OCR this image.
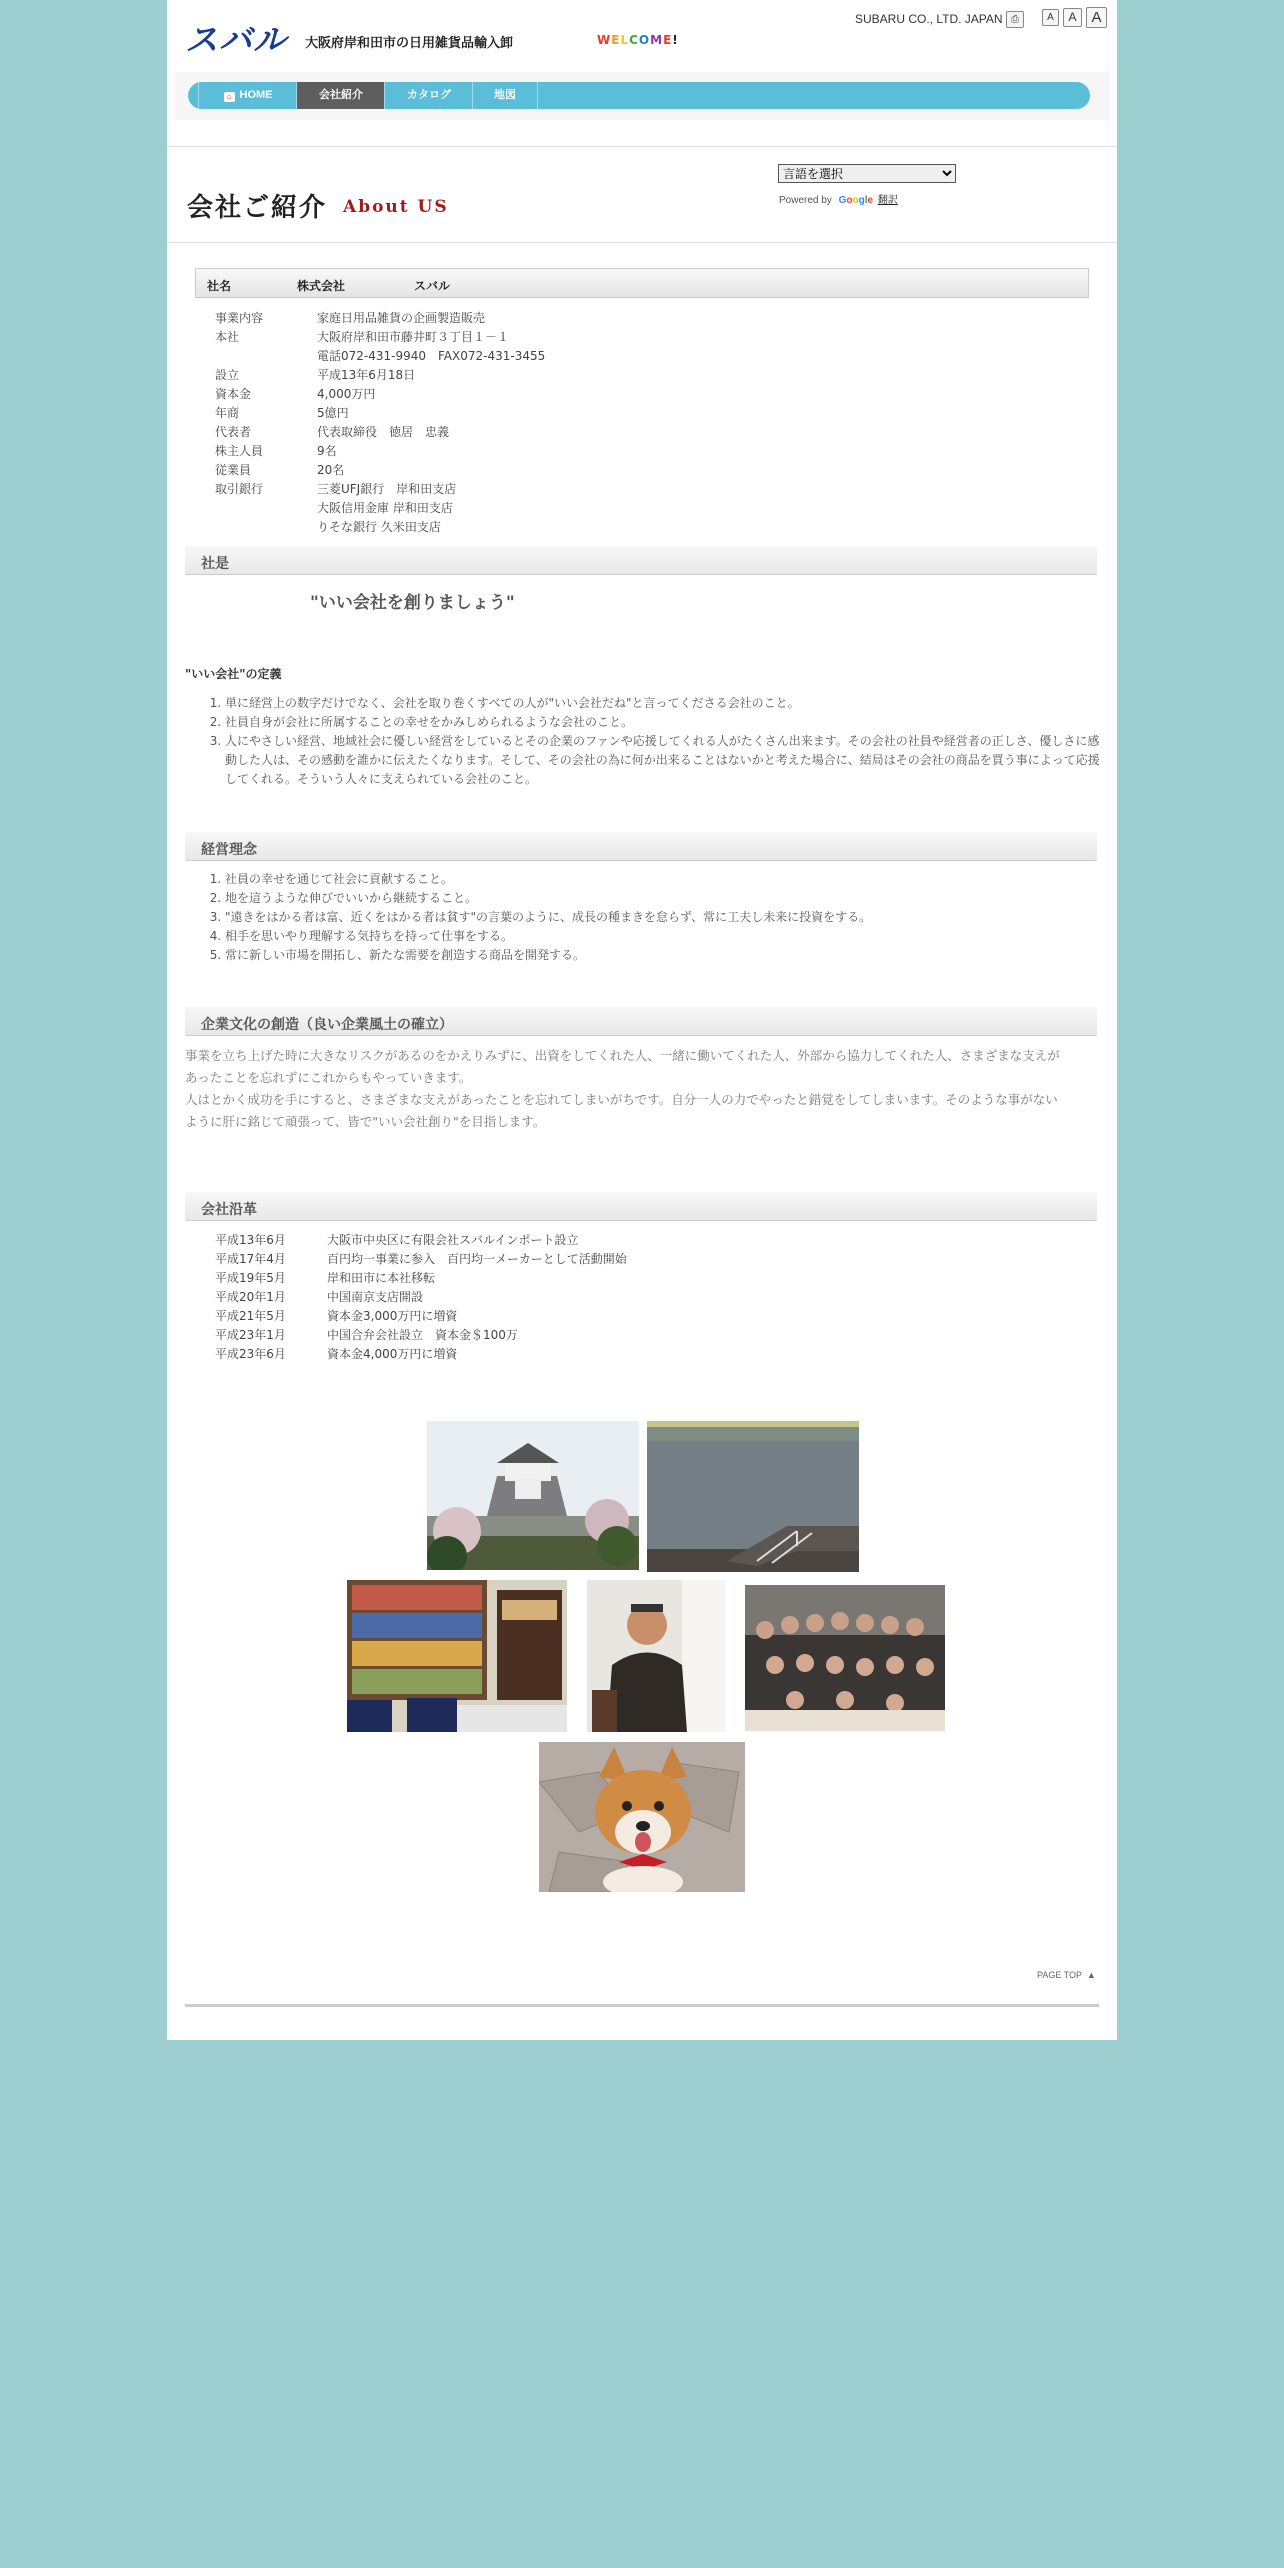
スバル 大阪府岸和田市の日用雑貨品輸入卸	WELCOME!
SUBARU CO., LTD. JAPAN ⎙	A	A A
⌂ HOME	会社紹介	カタログ	地図
会社ご紹介 About US
言語を選択	Powered by Google 翻訳
社名	株式会社	スバル
事業内容	家庭日用品雑貨の企画製造販売
本社	大阪府岸和田市藤井町３丁目１－１
電話072-431-9940　FAX072-431-3455
設立	平成13年6月18日
資本金	4,000万円
年商	5億円
代表者	代表取締役　徳居　忠義
株主人員	9名
従業員	20名
取引銀行	三菱UFJ銀行　岸和田支店
大阪信用金庫 岸和田支店
りそな銀行 久米田支店
社是
"いい会社を創りましょう"
"いい会社"の定義
1. 単に経営上の数字だけでなく、会社を取り巻くすべての人が"いい会社だね"と言ってくださる会社のこと。
2. 社員自身が会社に所属することの幸せをかみしめられるような会社のこと。
3. 人にやさしい経営、地域社会に優しい経営をしているとその企業のファンや応援してくれる人がたくさん出来ます。その会社の社員や経営者の正しさ、優しさに感動した人は、その感動を誰かに伝えたくなります。そして、その会社の為に何か出来ることはないかと考えた場合に、結局はその会社の商品を買う事によって応援してくれる。そういう人々に支えられている会社のこと。
経営理念
1. 社員の幸せを通じて社会に貢献すること。
2. 地を這うような伸びでいいから継続すること。
3. "遠きをはかる者は富、近くをはかる者は貧す"の言葉のように、成長の種まきを怠らず、常に工夫し未来に投資をする。
4. 相手を思いやり理解する気持ちを持って仕事をする。
5. 常に新しい市場を開拓し、新たな需要を創造する商品を開発する。
企業文化の創造（良い企業風土の確立）
事業を立ち上げた時に大きなリスクがあるのをかえりみずに、出資をしてくれた人、一緒に働いてくれた人、外部から協力してくれた人、さまざまな支えが
あったことを忘れずにこれからもやっていきます。
人はとかく成功を手にすると、さまざまな支えがあったことを忘れてしまいがちです。自分一人の力でやったと錯覚をしてしまいます。そのような事がない
ように肝に銘じて頑張って、皆で"いい会社創り"を目指します。
会社沿革
平成13年6月	大阪市中央区に有限会社スバルインポート設立
平成17年4月	百円均一事業に参入　百円均一メーカーとして活動開始
平成19年5月	岸和田市に本社移転
平成20年1月	中国南京支店開設
平成21年5月	資本金3,000万円に増資
平成23年1月	中国合弁会社設立　資本金＄100万
平成23年6月	資本金4,000万円に増資
PAGE TOP  ▲
